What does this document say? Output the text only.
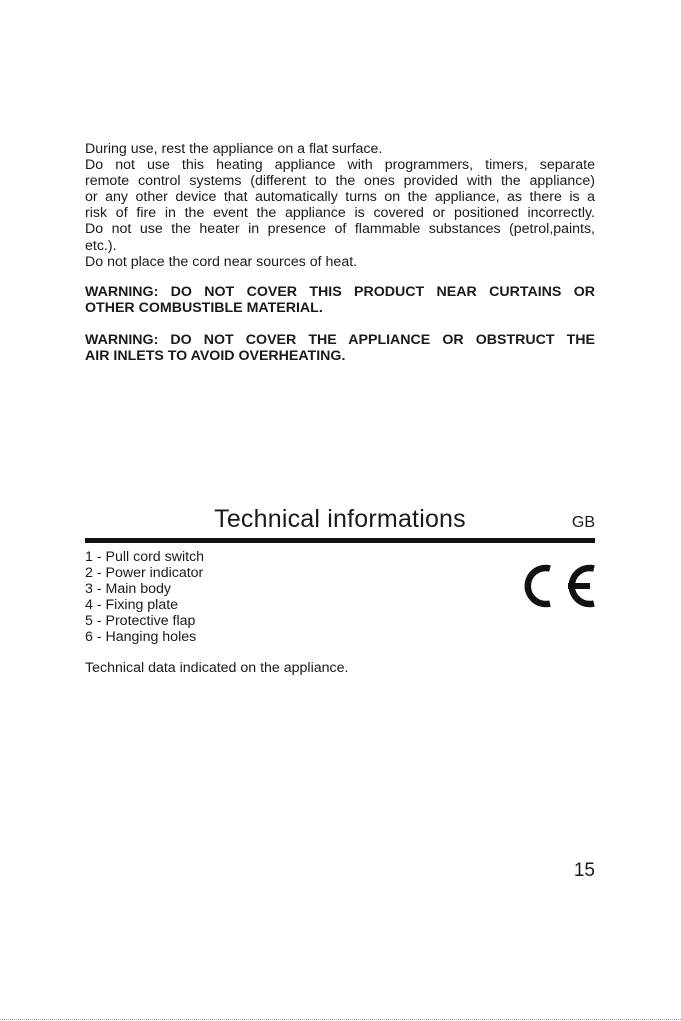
During use, rest the appliance on a flat surface.

Do not use this heating appliance with programmers, timers, separate

remote control systems (different to the ones provided with the appliance)

or any other device that automatically turns on the appliance, as there is a

risk of fire in the event the appliance is covered or positioned incorrectly.

Do not use the heater in presence of flammable substances (petrol,paints,

etc.).

Do not place the cord near sources of heat.

WARNING: DO NOT COVER THIS PRODUCT NEAR CURTAINS OR
OTHER COMBUSTIBLE MATERIAL.
WARNING: DO NOT COVER THE APPLIANCE OR OBSTRUCT THE
AIR INLETS TO AVOID OVERHEATING.
Technical informations	GB
1 - Pull cord switch
2 - Power indicator
3 - Main body
4 - Fixing plate
5 - Protective flap
6 - Hanging holes
Technical data indicated on the appliance.
15
